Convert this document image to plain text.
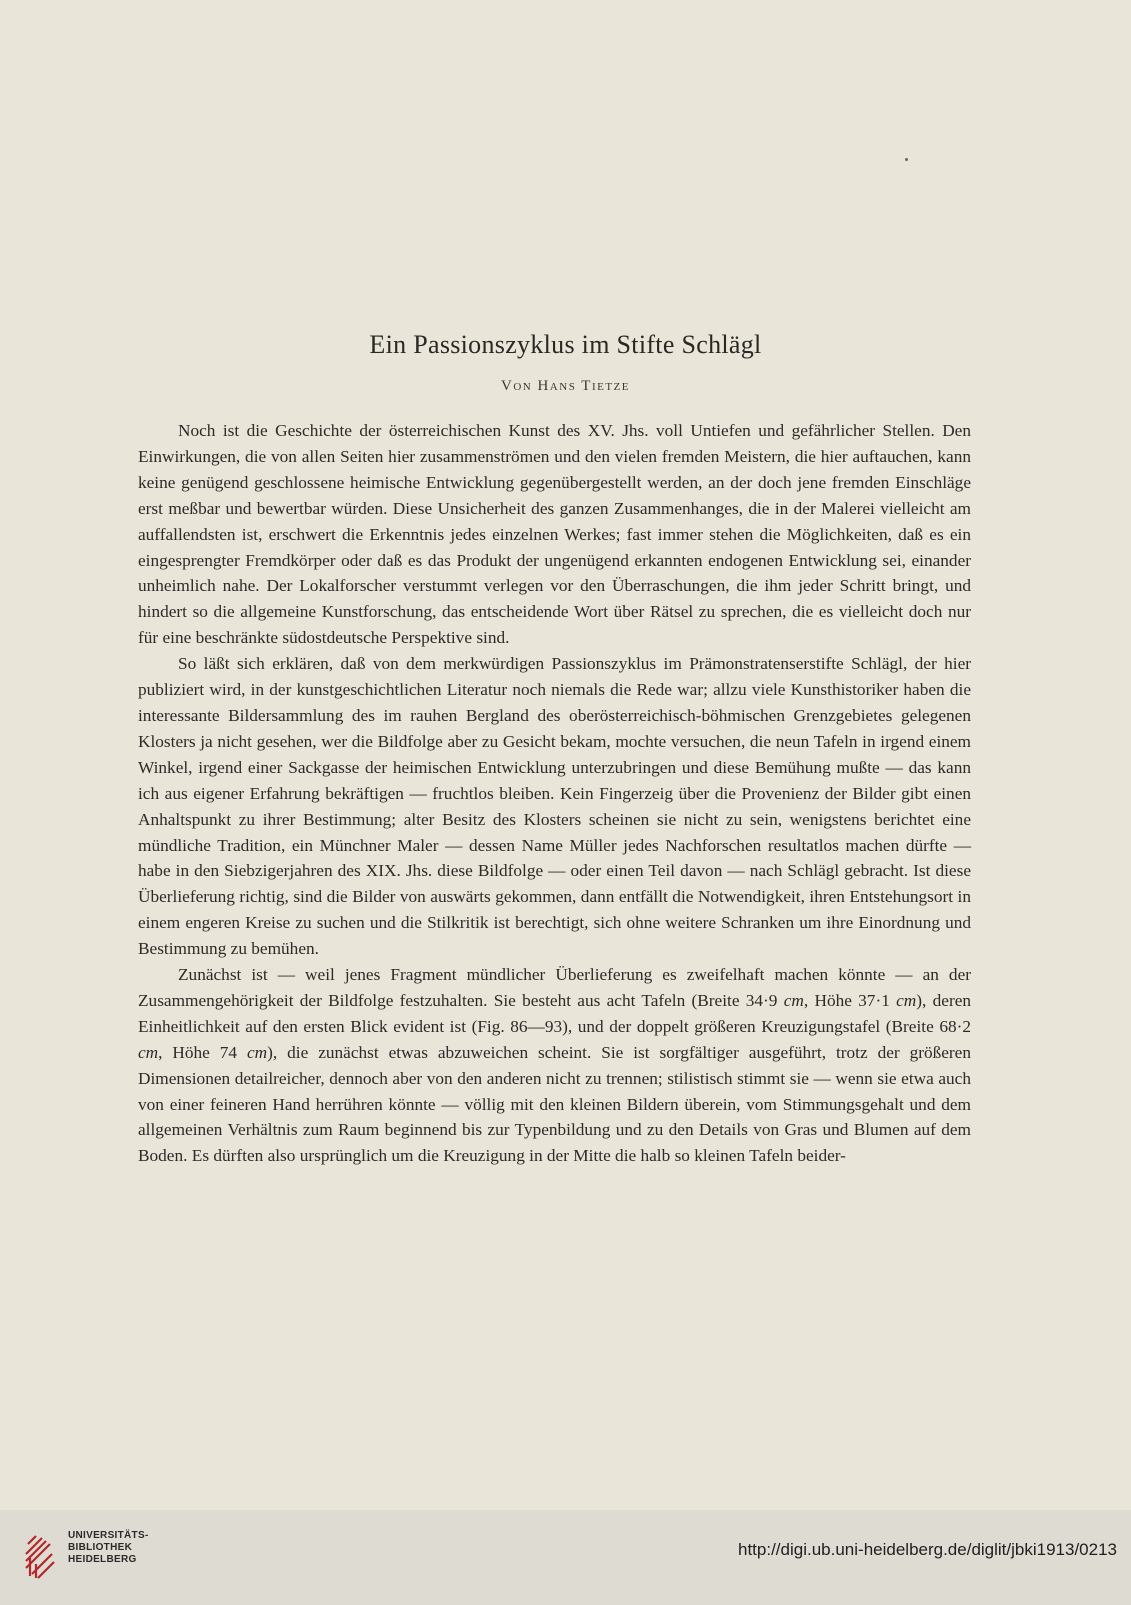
Ein Passionszyklus im Stifte Schlägl
Von Hans Tietze

Noch ist die Geschichte der österreichischen Kunst des XV. Jhs. voll Untiefen und gefährlicher Stellen. Den Einwirkungen, die von allen Seiten hier zusammenströmen und den vielen fremden Meistern, die hier auftauchen, kann keine genügend geschlossene heimische Entwicklung gegenübergestellt werden, an der doch jene fremden Einschläge erst meßbar und bewertbar würden. Diese Unsicherheit des ganzen Zusammenhanges, die in der Malerei vielleicht am auffallendsten ist, erschwert die Erkenntnis jedes einzelnen Werkes; fast immer stehen die Möglichkeiten, daß es ein eingesprengter Fremdkörper oder daß es das Produkt der ungenügend erkannten endogenen Entwicklung sei, einander unheimlich nahe. Der Lokalforscher verstummt verlegen vor den Überraschungen, die ihm jeder Schritt bringt, und hindert so die allgemeine Kunstforschung, das entscheidende Wort über Rätsel zu sprechen, die es vielleicht doch nur für eine beschränkte südostdeutsche Perspektive sind.

So läßt sich erklären, daß von dem merkwürdigen Passionszyklus im Prämonstratenserstifte Schlägl, der hier publiziert wird, in der kunstgeschichtlichen Literatur noch niemals die Rede war; allzu viele Kunsthistoriker haben die interessante Bildersammlung des im rauhen Bergland des oberösterreichisch-böhmischen Grenzgebietes gelegenen Klosters ja nicht gesehen, wer die Bildfolge aber zu Gesicht bekam, mochte versuchen, die neun Tafeln in irgend einem Winkel, irgend einer Sackgasse der heimischen Entwicklung unterzubringen und diese Bemühung mußte — das kann ich aus eigener Erfahrung bekräftigen — fruchtlos bleiben. Kein Fingerzeig über die Provenienz der Bilder gibt einen Anhaltspunkt zu ihrer Bestimmung; alter Besitz des Klosters scheinen sie nicht zu sein, wenigstens berichtet eine mündliche Tradition, ein Münchner Maler — dessen Name Müller jedes Nachforschen resultatlos machen dürfte — habe in den Siebzigerjahren des XIX. Jhs. diese Bildfolge — oder einen Teil davon — nach Schlägl gebracht. Ist diese Überlieferung richtig, sind die Bilder von auswärts gekommen, dann entfällt die Notwendigkeit, ihren Entstehungsort in einem engeren Kreise zu suchen und die Stilkritik ist berechtigt, sich ohne weitere Schranken um ihre Einordnung und Bestimmung zu bemühen.

Zunächst ist — weil jenes Fragment mündlicher Überlieferung es zweifelhaft machen könnte — an der Zusammengehörigkeit der Bildfolge festzuhalten. Sie besteht aus acht Tafeln (Breite 34·9 cm, Höhe 37·1 cm), deren Einheitlichkeit auf den ersten Blick evident ist (Fig. 86—93), und der doppelt größeren Kreuzigungstafel (Breite 68·2 cm, Höhe 74 cm), die zunächst etwas abzuweichen scheint. Sie ist sorgfältiger ausgeführt, trotz der größeren Dimensionen detailreicher, dennoch aber von den anderen nicht zu trennen; stilistisch stimmt sie — wenn sie etwa auch von einer feineren Hand herrühren könnte — völlig mit den kleinen Bildern überein, vom Stimmungsgehalt und dem allgemeinen Verhältnis zum Raum beginnend bis zur Typenbildung und zu den Details von Gras und Blumen auf dem Boden. Es dürften also ursprünglich um die Kreuzigung in der Mitte die halb so kleinen Tafeln beider-

UNIVERSITÄTS-
BIBLIOTHEK
HEIDELBERG
http://digi.ub.uni-heidelberg.de/diglit/jbki1913/0213
